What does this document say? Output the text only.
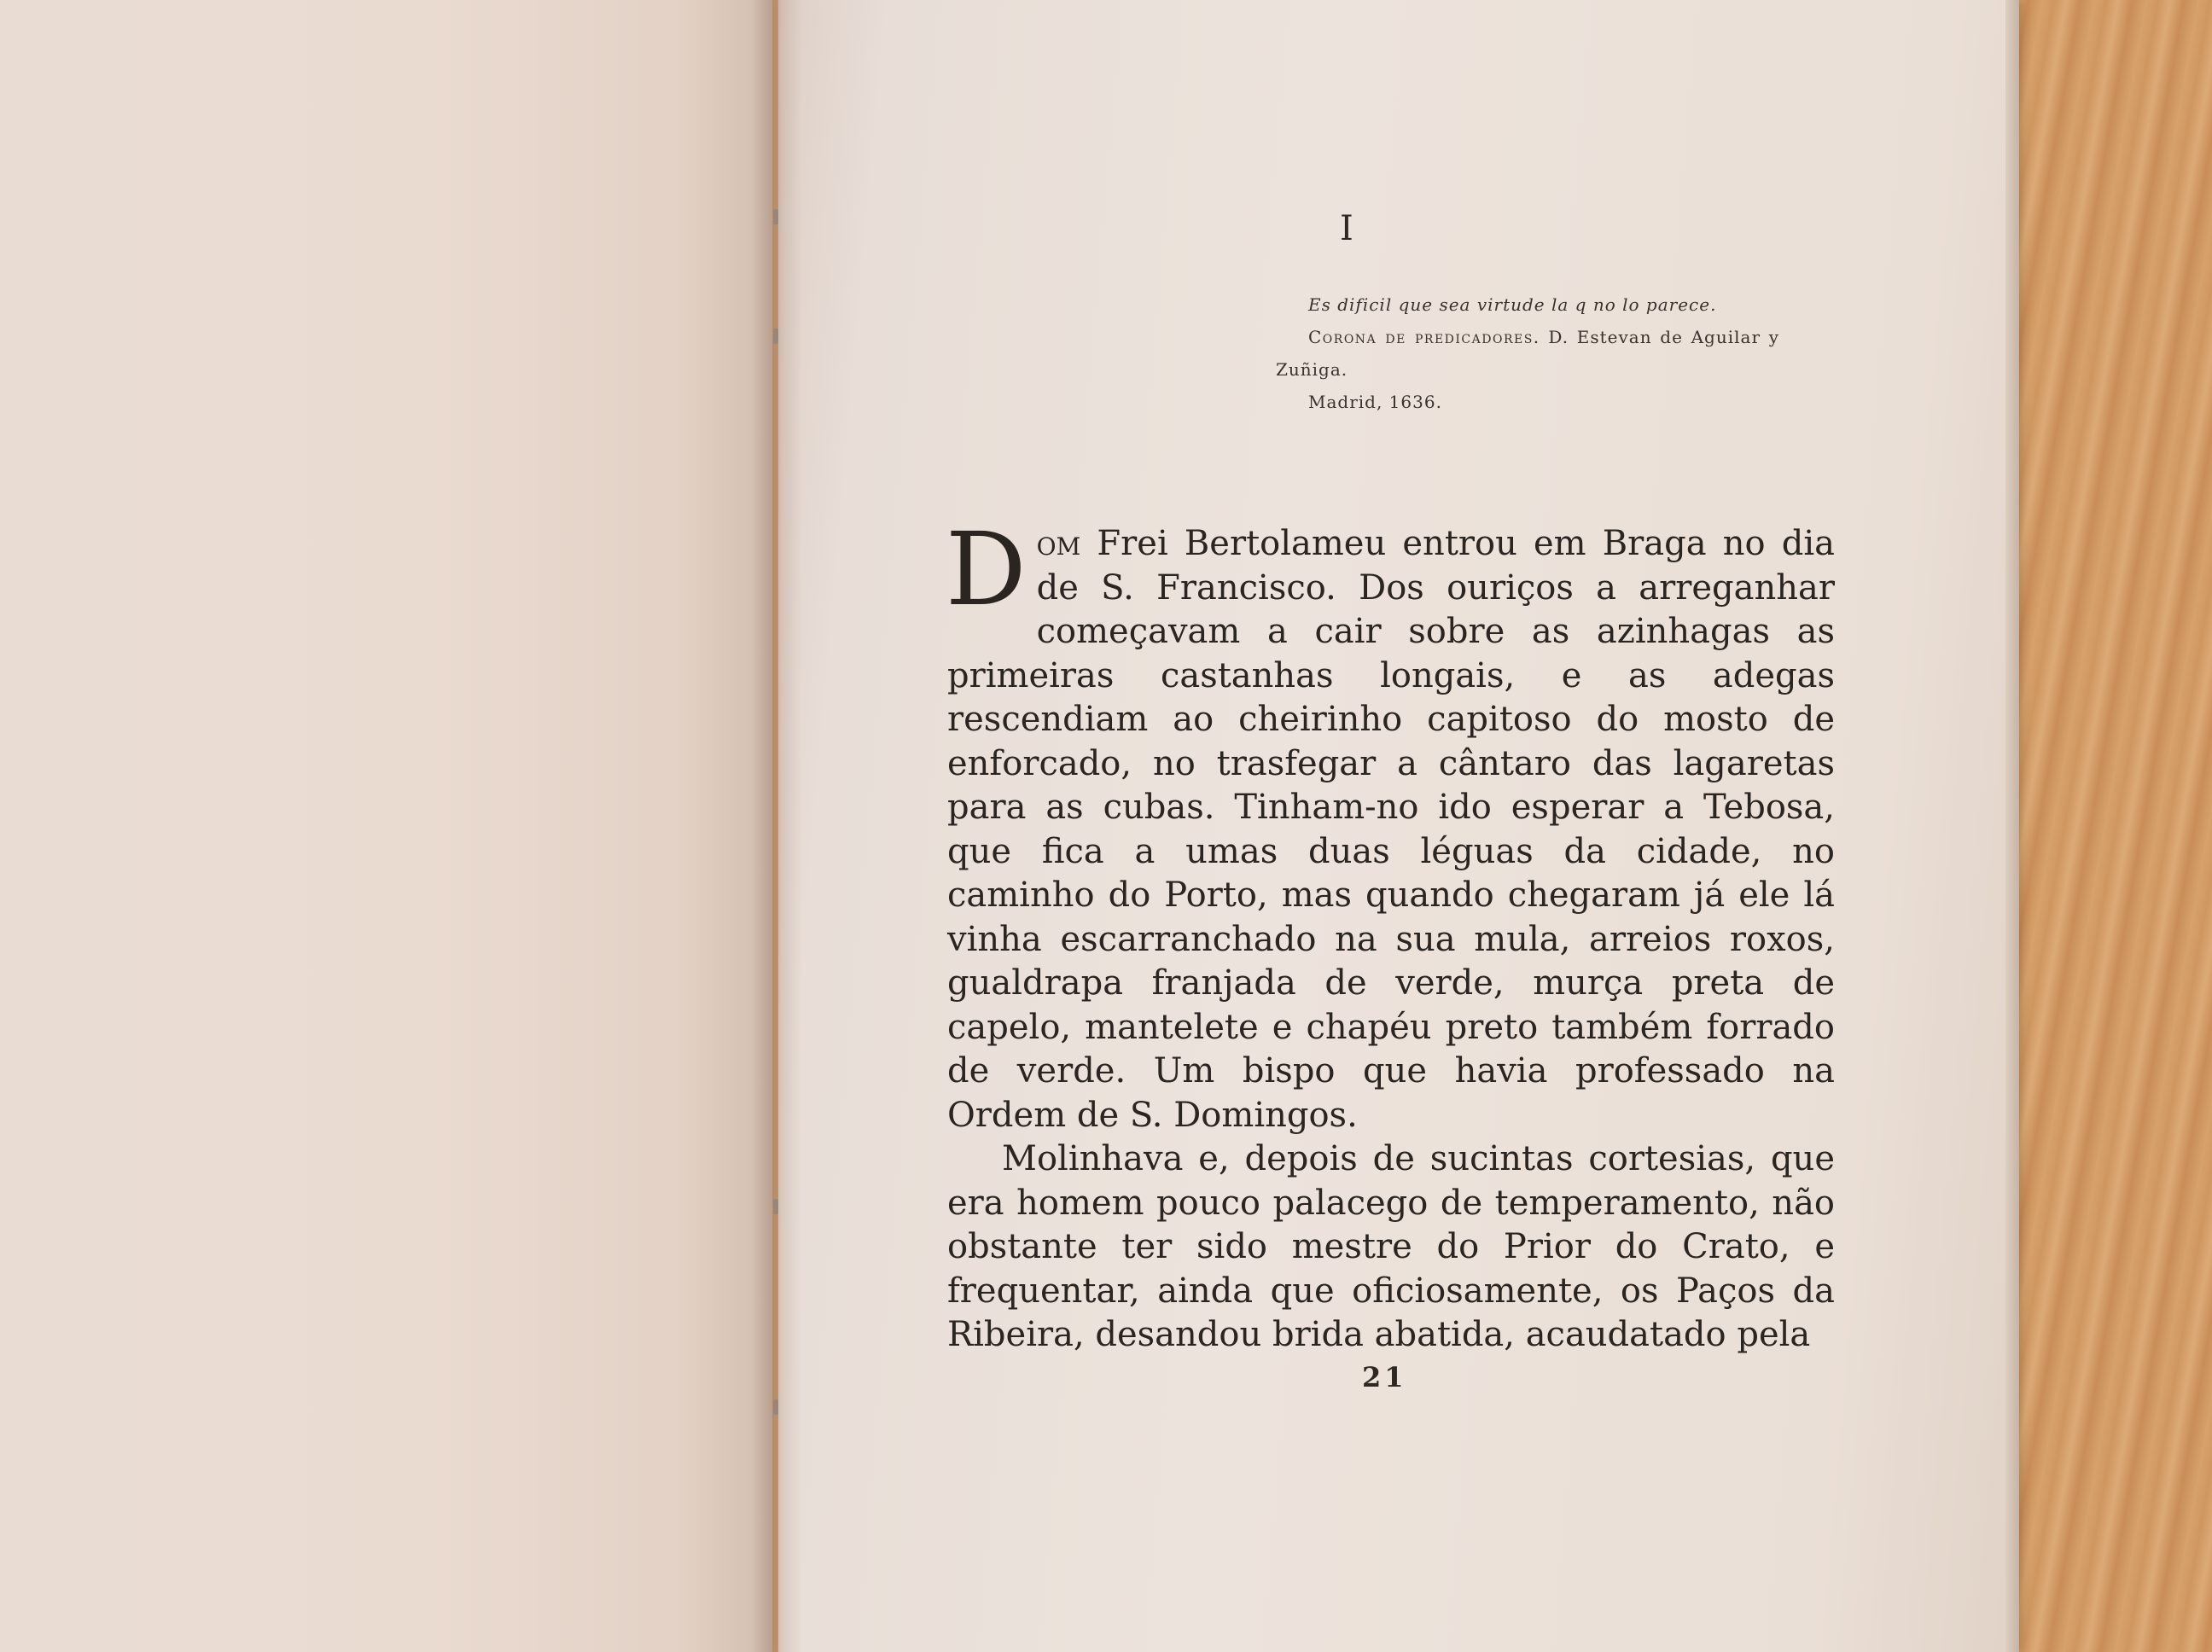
I
Es dificil que sea virtude la q no lo parece.
Corona de predicadores. D. Estevan de Aguilar y Zuñiga.
Madrid, 1636.

Dom Frei Bertolameu entrou em Braga no dia de S. Francisco. Dos ouriços a arreganhar começavam a cair sobre as azinhagas as primeiras castanhas longais, e as adegas rescendiam ao cheirinho capitoso do mosto de enforcado, no trasfegar a cântaro das lagaretas para as cubas. Tinham-no ido esperar a Tebosa, que fica a umas duas léguas da cidade, no caminho do Porto, mas quando chegaram já ele lá vinha escarranchado na sua mula, arreios roxos, gualdrapa franjada de verde, murça preta de capelo, mantelete e chapéu preto também forrado de verde. Um bispo que havia professado na Ordem de S. Domingos.

Molinhava e, depois de sucintas cortesias, que era homem pouco palacego de temperamento, não obstante ter sido mestre do Prior do Crato, e frequentar, ainda que oficiosamente, os Paços da Ribeira, desandou brida abatida, acaudatado pela

21
